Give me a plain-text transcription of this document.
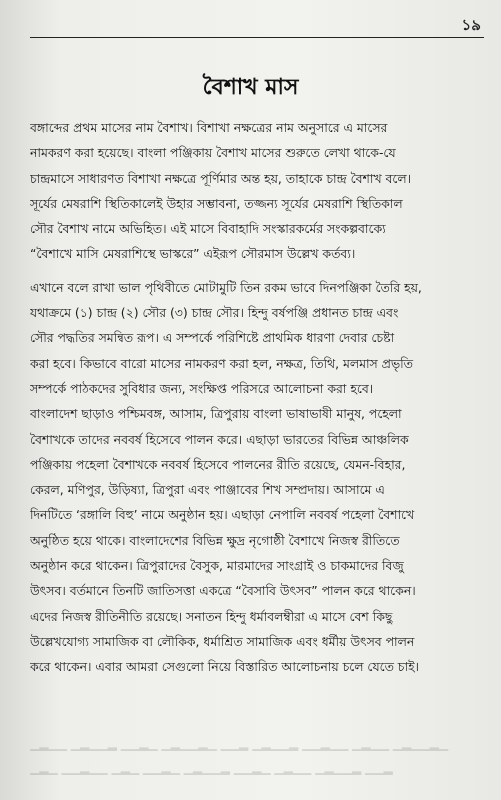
১৯
বৈশাখ মাস
বঙ্গাব্দের প্রথম মাসের নাম বৈশাখ। বিশাখা নক্ষত্রের নাম অনুসারে এ মাসের
নামকরণ করা হয়েছে। বাংলা পঞ্জিকায় বৈশাখ মাসের শুরুতে লেখা থাকে-যে
চান্দ্রমাসে সাধারণত বিশাখা নক্ষত্রে পূর্ণিমার অন্ত হয়, তাহাকে চান্দ্র বৈশাখ বলে।
সূর্যের মেষরাশি স্থিতিকালেই উহার সম্ভাবনা, তজ্জন্য সূর্যের মেষরাশি স্থিতিকাল
সৌর বৈশাখ নামে অভিহিত। এই মাসে বিবাহাদি সংস্কারকর্মের সংকল্পবাক্যে
“বৈশাখে মাসি মেষরাশিস্থে ভাস্করে” এইরূপ সৌরমাস উল্লেখ কর্তব্য।
এখানে বলে রাখা ভাল পৃথিবীতে মোটামুটি তিন রকম ভাবে দিনপঞ্জিকা তৈরি হয়,
যথাক্রমে (১) চান্দ্র (২) সৌর (৩) চান্দ্র সৌর। হিন্দু বর্ষপঞ্জি প্রধানত চান্দ্র এবং
সৌর পদ্ধতির সমন্বিত রূপ। এ সম্পর্কে পরিশিষ্টে প্রাথমিক ধারণা দেবার চেষ্টা
করা হবে। কিভাবে বারো মাসের নামকরণ করা হল, নক্ষত্র, তিথি, মলমাস প্রভৃতি
সম্পর্কে পাঠকদের সুবিধার জন্য, সংক্ষিপ্ত পরিসরে আলোচনা করা হবে।
বাংলাদেশ ছাড়াও পশ্চিমবঙ্গ, আসাম, ত্রিপুরায় বাংলা ভাষাভাষী মানুষ, পহেলা
বৈশাখকে তাদের নববর্ষ হিসেবে পালন করে। এছাড়া ভারতের বিভিন্ন আঞ্চলিক
পঞ্জিকায় পহেলা বৈশাখকে নববর্ষ হিসেবে পালনের রীতি রয়েছে, যেমন-বিহার,
কেরল, মণিপুর, উড়িষ্যা, ত্রিপুরা এবং পাঞ্জাবের শিখ সম্প্রদায়। আসামে এ
দিনটিতে ‘রঙ্গালি বিহু’ নামে অনুষ্ঠান হয়। এছাড়া নেপালি নববর্ষ পহেলা বৈশাখে
অনুষ্ঠিত হয়ে থাকে। বাংলাদেশের বিভিন্ন ক্ষুদ্র নৃগোষ্ঠী বৈশাখে নিজস্ব রীতিতে
অনুষ্ঠান করে থাকেন। ত্রিপুরাদের বৈসুক, মারমাদের সাংগ্রাই ও চাকমাদের বিজু
উৎসব। বর্তমানে তিনটি জাতিসত্তা একত্রে “বৈসাবি উৎসব” পালন করে থাকেন।
এদের নিজস্ব রীতিনীতি রয়েছে। সনাতন হিন্দু ধর্মাবলম্বীরা এ মাসে বেশ কিছু
উল্লেখযোগ্য সামাজিক বা লৌকিক, ধর্মাশ্রিত সামাজিক এবং ধর্মীয় উৎসব পালন
করে থাকেন। এবার আমরা সেগুলো নিয়ে বিস্তারিত আলোচনায় চলে যেতে চাই।
▁▂▁▁ ▁▂▁▁▂ ▁▁▂▁ ▁▂▁▁▂▁ ▁▁▂ ▁▂▁▁▂ ▁▁▂▁▁ ▁▂▁▁ ▁▂▁▁▂▁
▁▂▁ ▁▁▂▁▁ ▁▂▁ ▁▁▂▁ ▁▂▁▁▂ ▁▁▂▁ ▁▂▁▁ ▁▂▁▁▂ ▁▁▂
